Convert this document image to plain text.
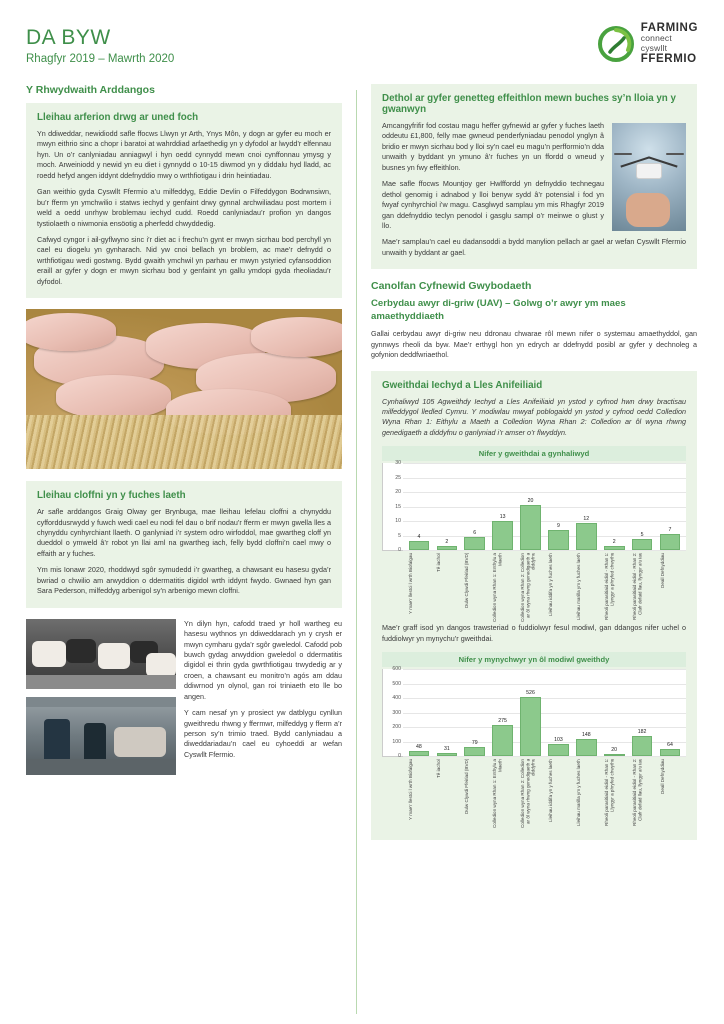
DA BYW
Rhagfyr 2019 – Mawrth 2020
FARMING
connect
cyswllt
FFERMIO
Y Rhwydwaith Arddangos
Lleihau arferion drwg ar uned foch

Yn ddiweddar, newidiodd safle ffocws Llwyn yr Arth, Ynys Môn, y dogn ar gyfer eu moch er mwyn eithrio sinc a chopr i baratoi at wahrddiad arfaethedig yn y dyfodol ar lwydd’r elfennau hyn. Un o’r canlyniadau anniagwyl i hyn oedd cynnydd mewn cnoi cynffonnau ymysg y moch. Arweiniodd y newid yn eu diet i gynnydd o 10-15 diwmod yn y diddalu hyd lladd, ac roedd hefyd angen iddynt ddefnyddio mwy o wrthfiotigau i drin heintiadau.

Gan weithio gyda Cyswllt Ffermio a’u milfeddyg, Eddie Devlin o Filfeddygon Bodrwnsiwn, bu’r fferm yn ymchwilio i statws iechyd y genfaint drwy gynnal archwiliadau post mortem i weld a oedd unrhyw broblemau iechyd cudd. Roedd canlyniadau’r profion yn dangos tystiolaeth o niwmonia ensöotig a pherfedd chwyddedig.

Cafwyd cyngor i ail-gyflwyno sinc i’r diet ac i frechu’n gynt er mwyn sicrhau bod perchyll yn cael eu diogelu yn gynharach. Nid yw cnoi bellach yn broblem, ac mae’r defnydd o wrthfiotigau wedi gostwng. Bydd gwaith ymchwil yn parhau er mwyn ystyried cyfansoddion eraill ar gyfer y dogn er mwyn sicrhau bod y genfaint yn gallu ymdopi gyda rheoliadau’r dyfodol.

Lleihau cloffni yn y fuches laeth

Ar safle arddangos Graig Olway ger Brynbuga, mae lleihau lefelau cloffni a chynyddu cyfforddusrwydd y fuwch wedi cael eu nodi fel dau o brif nodau’r fferm er mwyn gwella lles a chynyddu cynhyrchiant llaeth. O ganlyniad i’r system odro wirfoddol, mae gwartheg cloff yn dueddol o ymweld â’r robot yn llai aml na gwartheg iach, felly bydd cloffni’n cael mwy o effaith ar y fuches.

Ym mis Ionawr 2020, rhoddwyd sgôr symudedd i’r gwartheg, a chawsant eu hasesu gyda’r bwriad o chwilio am arwyddion o ddermatitis digidol wrth iddynt fwydo. Gwnaed hyn gan Sara Pederson, milfeddyg arbenigol sy’n arbenigo mewn cloffni.

Yn dilyn hyn, cafodd traed yr holl wartheg eu hasesu wythnos yn ddiweddarach yn y crysh er mwyn cymharu gyda’r sgôr gweledol. Cafodd pob buwch gydag arwyddion gweledol o ddermatitis digidol ei thrin gyda gwrthfiotigau trwydedig ar y croen, a chawsant eu monitro’n agós am ddau ddiwrnod yn olynol, gan roi triniaeth eto lle bo angen.

Y cam nesaf yn y prosiect yw datblygu cynllun gweithredu rhwng y ffermwr, milfeddyg y fferm a’r person sy’n trimio traed. Bydd canlyniadau a diweddariadau’n cael eu cyhoeddi ar wefan Cyswllt Ffermio.

Dethol ar gyfer genetteg effeithlon mewn buches sy’n lloia yn y gwanwyn

Amcangyfrifir fod costau magu heffer gyfnewid ar gyfer y fuches laeth oddeutu £1,800, felly mae gwneud penderfyniadau penodol ynglyn â bridio er mwyn sicrhau bod y lloi sy’n cael eu magu’n perfformio’n dda unwaith y byddant yn ymuno â’r fuches yn un ffordd o wneud y busnes yn fwy effeithlon.

Mae safle ffocws Mountjoy ger Hwlffordd yn defnyddio technegau dethol genomig i adnabod y lloi benyw sydd â’r potensial i fod yn fwyaf cynhyrchiol i’w magu. Casglwyd samplau ym mis Rhagfyr 2019 gan ddefnyddio teclyn penodol i gasglu sampl o’r meinwe o glust y llo.

Mae’r samplau’n cael eu dadansoddi a bydd manylion pellach ar gael ar wefan Cyswllt Ffermio unwaith y byddant ar gael.

Canolfan Cyfnewid Gwybodaeth
Cerbydau awyr di-griw (UAV) – Golwg o’r awyr ym maes amaethyddiaeth
Gallai cerbydau awyr di-griw neu ddronau chwarae rôl mewn nifer o systemau amaethyddol, gan gynnwys rheoli da byw. Mae’r erthygl hon yn edrych ar ddefnydd posibl ar gyfer y dechnoleg a gofynion deddfwriaethol.
Gweithdai Iechyd a Lles Anifeiliaid

Cynhaliwyd 105 Agweithdy Iechyd a Lles Anifeiliaid yn ystod y cyfnod hwn drwy bractisau milfeddygol lledled Cymru. Y modiwlau mwyaf poblogaidd yn ystod y cyfnod oedd Colledion Wyna Rhan 1: Eithylu a Maeth a Colledion Wyna Rhan 2: Colledion ar ôl wyna rhwng genedigaeth a diddyfnu o ganlyniad i’r amser o’r flwyddyn.

Nifer y gweithdai a gynhaliwyd
0
5
10
15
20
25
30
4
2
6
13
20
9
12
2
5
7
Y mae'r llestci l wrth Biofalgau	Tê iachol	Dulw Clywdi Ffeiriad (BVD)	Colledion wyna Rhan 1: Enthylu a Maeth	Colledion wyna Rhan 2: Colledion ar ôl wyna rhwng genedigaeth a diddyfnu	Lleihau iddifa yn y fuches laeth	Lleihau marilla ym y fuches laeth	Rheoli parasitiaid eidiol - Rhan 1: Llyngyr a phryfed chwythu	Rheoli parasitiaid eidiol - Rhan 2: Clafr defaid llau, llyngyr a'u iau	Deall Defnyddiau

Mae’r graff isod yn dangos trawsteriad o fuddiolwyr fesul modiwl, gan ddangos nifer uchel o fuddiolwyr yn mynychu’r gweithdai.

Nifer y mynychwyr yn ôl modiwl gweithdy
0
100
200
300
400
500
600
48	31
79
275
526
103
148
20
182
64
Y mae'r llestci l wrth Biofalgau	Tê iachol	Dulw Clywdi Ffeiriad (BVD)	Colledion wyna Rhan 1: Enthylu a Maeth	Colledion wyna Rhan 2: Colledion ar ôl wyna rhwng genedigaeth a diddyfnu	Lleihau iddifa yn y fuches laeth	Lleihau marilla ym y fuches laeth	Rheoli parasitiaid eidiol - Rhan 1: Llyngyr a phryfed chwythu	Rheoli parasitiaid eidiol - Rhan 2: Clafr defaid llau, llyngyr a'u iau	Deall Defnyddiau
